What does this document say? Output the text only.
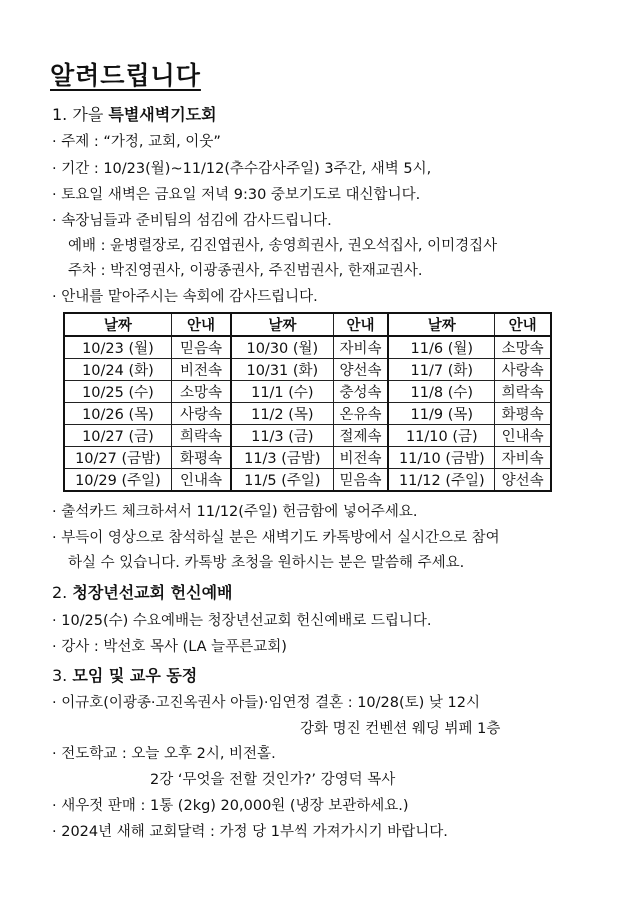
알려드립니다
1. 가을 특별새벽기도회
· 주제 : “가정, 교회, 이웃”
· 기간 : 10/23(월)~11/12(추수감사주일) 3주간, 새벽 5시,
· 토요일 새벽은 금요일 저녁 9:30 중보기도로 대신합니다.
· 속장님들과 준비팀의 섬김에 감사드립니다.
예배 : 윤병렬장로, 김진엽권사, 송영희권사, 권오석집사, 이미경집사
주차 : 박진영권사, 이광종권사, 주진범권사, 한재교권사.
· 안내를 맡아주시는 속회에 감사드립니다.
날짜	안내	날짜	안내	날짜	안내
10/23 (월)	믿음속	10/30 (월)	자비속	11/6 (월)	소망속
10/24 (화)	비전속	10/31 (화)	양선속	11/7 (화)	사랑속
10/25 (수)	소망속	11/1 (수)	충성속	11/8 (수)	희락속
10/26 (목)	사랑속	11/2 (목)	온유속	11/9 (목)	화평속
10/27 (금)	희락속	11/3 (금)	절제속	11/10 (금)	인내속
10/27 (금밤)	화평속	11/3 (금밤)	비전속	11/10 (금밤)	자비속
10/29 (주일)	인내속	11/5 (주일)	믿음속	11/12 (주일)	양선속
· 출석카드 체크하셔서 11/12(주일) 헌금함에 넣어주세요.
· 부득이 영상으로 참석하실 분은 새벽기도 카톡방에서 실시간으로 참여
하실 수 있습니다. 카톡방 초청을 원하시는 분은 말씀해 주세요.
2. 청장년선교회 헌신예배
· 10/25(수) 수요예배는 청장년선교회 헌신예배로 드립니다.
· 강사 : 박선호 목사 (LA 늘푸른교회)
3. 모임 및 교우 동정
· 이규호(이광종·고진옥권사 아들)·임연정 결혼 : 10/28(토) 낮 12시
강화 명진 컨벤션 웨딩 뷔페 1층
· 전도학교 : 오늘 오후 2시, 비전홀.
2강 ‘무엇을 전할 것인가?’ 강영덕 목사
· 새우젓 판매 : 1통 (2kg) 20,000원 (냉장 보관하세요.)
· 2024년 새해 교회달력 : 가정 당 1부씩 가져가시기 바랍니다.
